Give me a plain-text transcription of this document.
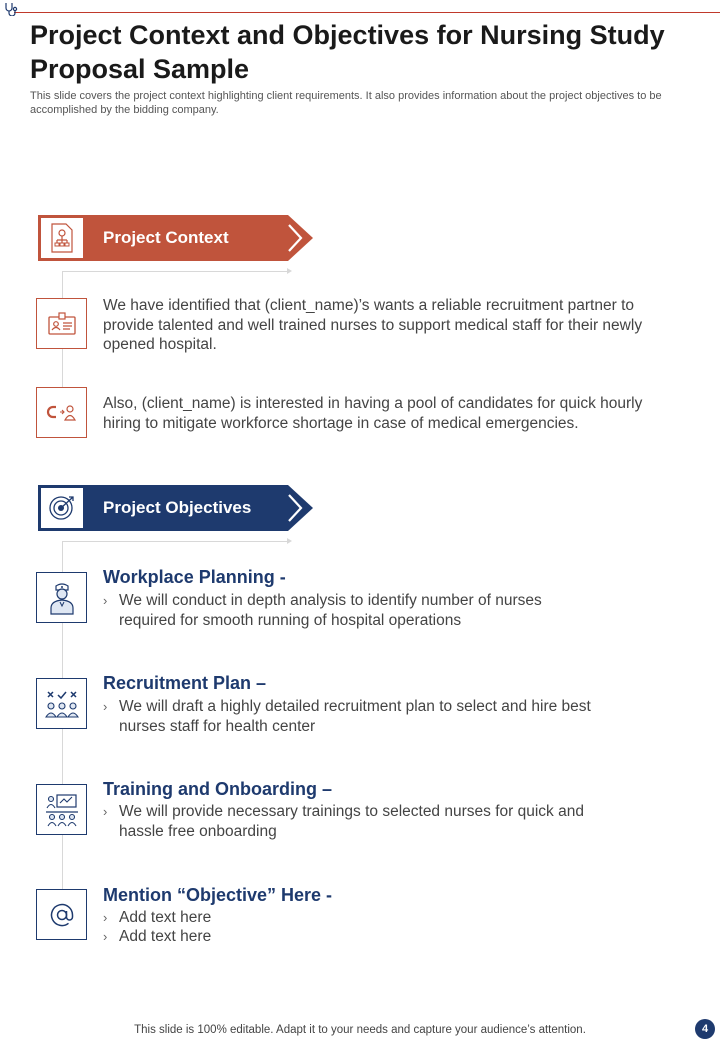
Project Context and Objectives for Nursing Study Proposal Sample

This slide covers the project context highlighting client requirements. It also provides information about the project objectives to be accomplished by the bidding company.

Project Context

We have identified that (client_name)’s wants a reliable recruitment partner to provide talented and well trained nurses to support medical staff for their newly opened hospital.

Also, (client_name) is interested in having a pool of candidates for quick hourly hiring to mitigate workforce shortage in case of medical emergencies.

Project Objectives
Workplace Planning -
› We will conduct in depth analysis to identify number of nurses required for smooth running of hospital operations
Recruitment Plan –
› We will draft a highly detailed recruitment plan to select and hire best nurses staff for health center
Training and Onboarding –
› We will provide necessary trainings to selected nurses for quick and hassle free onboarding
Mention “Objective” Here -
› Add text here
› Add text here
This slide is 100% editable. Adapt it to your needs and capture your audience’s attention.	4
